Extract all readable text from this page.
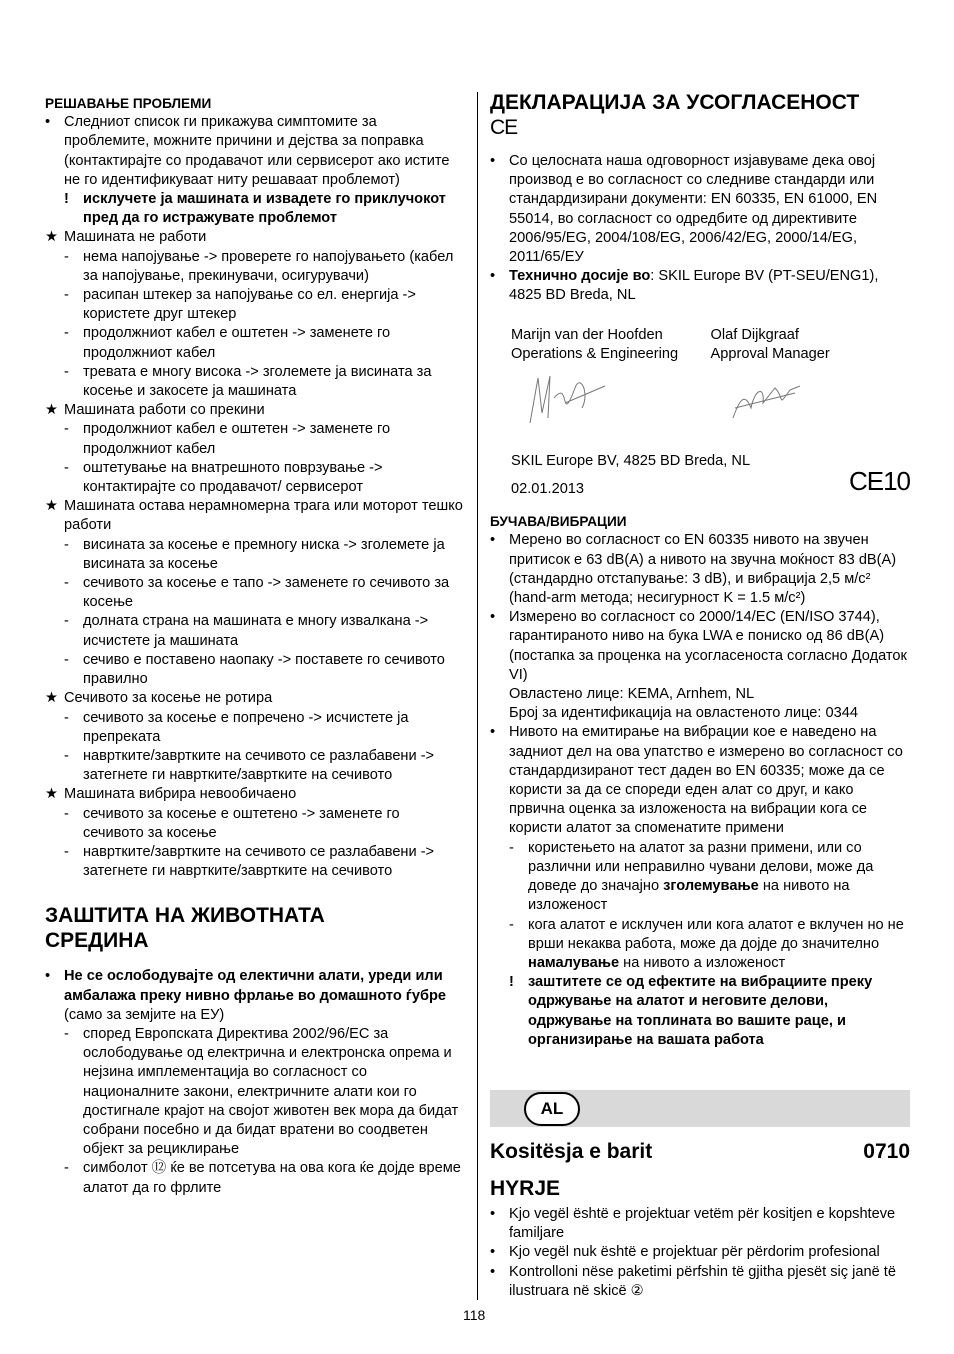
РЕШАВАЊЕ ПРОБЛЕМИ
• Следниот список ги прикажува симптомите за проблемите, можните причини и дејства за поправка (контактирајте со продавачот или сервисерот ако истите не го идентификуваат ниту решаваат проблемот)
! исклучете ја машината и извадете го приклучокот пред да го истражувате проблемот
★ Машината не работи
- нема напојување -> проверете го напојувањето (кабел за напојување, прекинувачи, осигурувачи)
- расипан штекер за напојување со ел. енергија -> користете друг штекер
- продолжниот кабел е оштетен -> заменете го продолжниот кабел
- тревата е многу висока -> зголемете ја висината за косење и закосете ја машината
★ Машината работи со прекини
- продолжниот кабел е оштетен -> заменете го продолжниот кабел
- оштетување на внатрешното поврзување -> контактирајте со продавачот/ сервисерот
★ Машината остава нерамномерна трага или моторот тешко работи
- висината за косење е премногу ниска -> зголемете ја висината за косење
- сечивото за косење е тапо -> заменете го сечивото за косење
- долната страна на машината е многу извалкана -> исчистете ја машината
- сечиво е поставено наопаку -> поставете го сечивото правилно
★ Сечивото за косење не ротира
- сечивото за косење е попречено -> исчистете ја препреката
- навртките/завртките на сечивото се разлабавени -> затегнете ги навртките/завртките на сечивото
★ Машината вибрира невообичаено
- сечивото за косење е оштетено -> заменете го сечивото за косење
- навртките/завртките на сечивото се разлабавени -> затегнете ги навртките/завртките на сечивото
ЗАШТИТА НА ЖИВОТНАТА СРЕДИНА
• Не се ослободувајте од електични алати, уреди или амбалажа преку нивно фрлање во домашното ѓубре (само за земјите на ЕУ)
- според Европската Директива 2002/96/EC за ослободување од електрична и електронска опрема и нејзина имплементација во согласност со националните закони, електричните алати кои го достигнале крајот на својот животен век мора да бидат собрани посебно и да бидат вратени во соодветен објект за рециклирање
- симболот ⑫ ќе ве потсетува на ова кога ќе дојде време алатот да го фрлите
ДЕКЛАРАЦИЈА ЗА УСОГЛАСЕНОСТ
CE
• Со целосната наша одговорност изјавуваме дека овој производ е во согласност со следниве стандарди или стандардизирани документи: EN 60335, EN 61000, EN 55014, во согласност со одредбите од директивите 2006/95/EG, 2004/108/EG, 2006/42/EG, 2000/14/EG, 2011/65/ЕУ
• Технично досије во: SKIL Europe BV (PT-SEU/ENG1), 4825 BD Breda, NL
Marijn van der Hoofden
Operations & Engineering
Olaf Dijkgraaf
Approval Manager
SKIL Europe BV, 4825 BD Breda, NL
02.01.2013	CE10
БУЧАВА/ВИБРАЦИИ
• Мерено во согласност со EN 60335 нивото на звучен притисок е 63 dB(A) а нивото на звучна моќност 83 dB(A) (стандардно отстапување: 3 dB), и вибрација 2,5 м/с² (hand-arm метода; несигурност K = 1.5 м/с²)
• Измерено во согласност со 2000/14/EC (EN/ISO 3744), гарантираното ниво на бука LWA е пониско од 86 dB(A) (постапка за проценка на усогласеноста согласно Додаток VI)
Овластено лице: KEMA, Arnhem, NL
Број за идентификација на овластеното лице: 0344
• Нивото на емитирање на вибрации кое е наведено на задниот дел на ова упатство е измерено во согласност со стандардизиранот тест даден во EN 60335; може да се користи за да се спореди еден алат со друг, и како првична оценка за изложеноста на вибрации кога се користи алатот за споменатите примени
- користењето на алатот за разни примени, или со различни или неправилно чувани делови, може да доведе до значајно зголемување на нивото на изложеност
- кога алатот е исклучен или кога алатот е вклучен но не врши некаква работа, може да дојде до значително намалување на нивото а изложеност
! заштитете се од ефектите на вибрациите преку одржување на алатот и неговите делови, одржување на топлината во вашите раце, и организирање на вашата работа
AL
Kositësja e barit	0710
HYRJE
• Kjo vegël është e projektuar vetëm për kositjen e kopshteve familjare
• Kjo vegël nuk është e projektuar për përdorim profesional
• Kontrolloni nëse paketimi përfshin të gjitha pjesët siç janë të ilustruara në skicë ②
118
